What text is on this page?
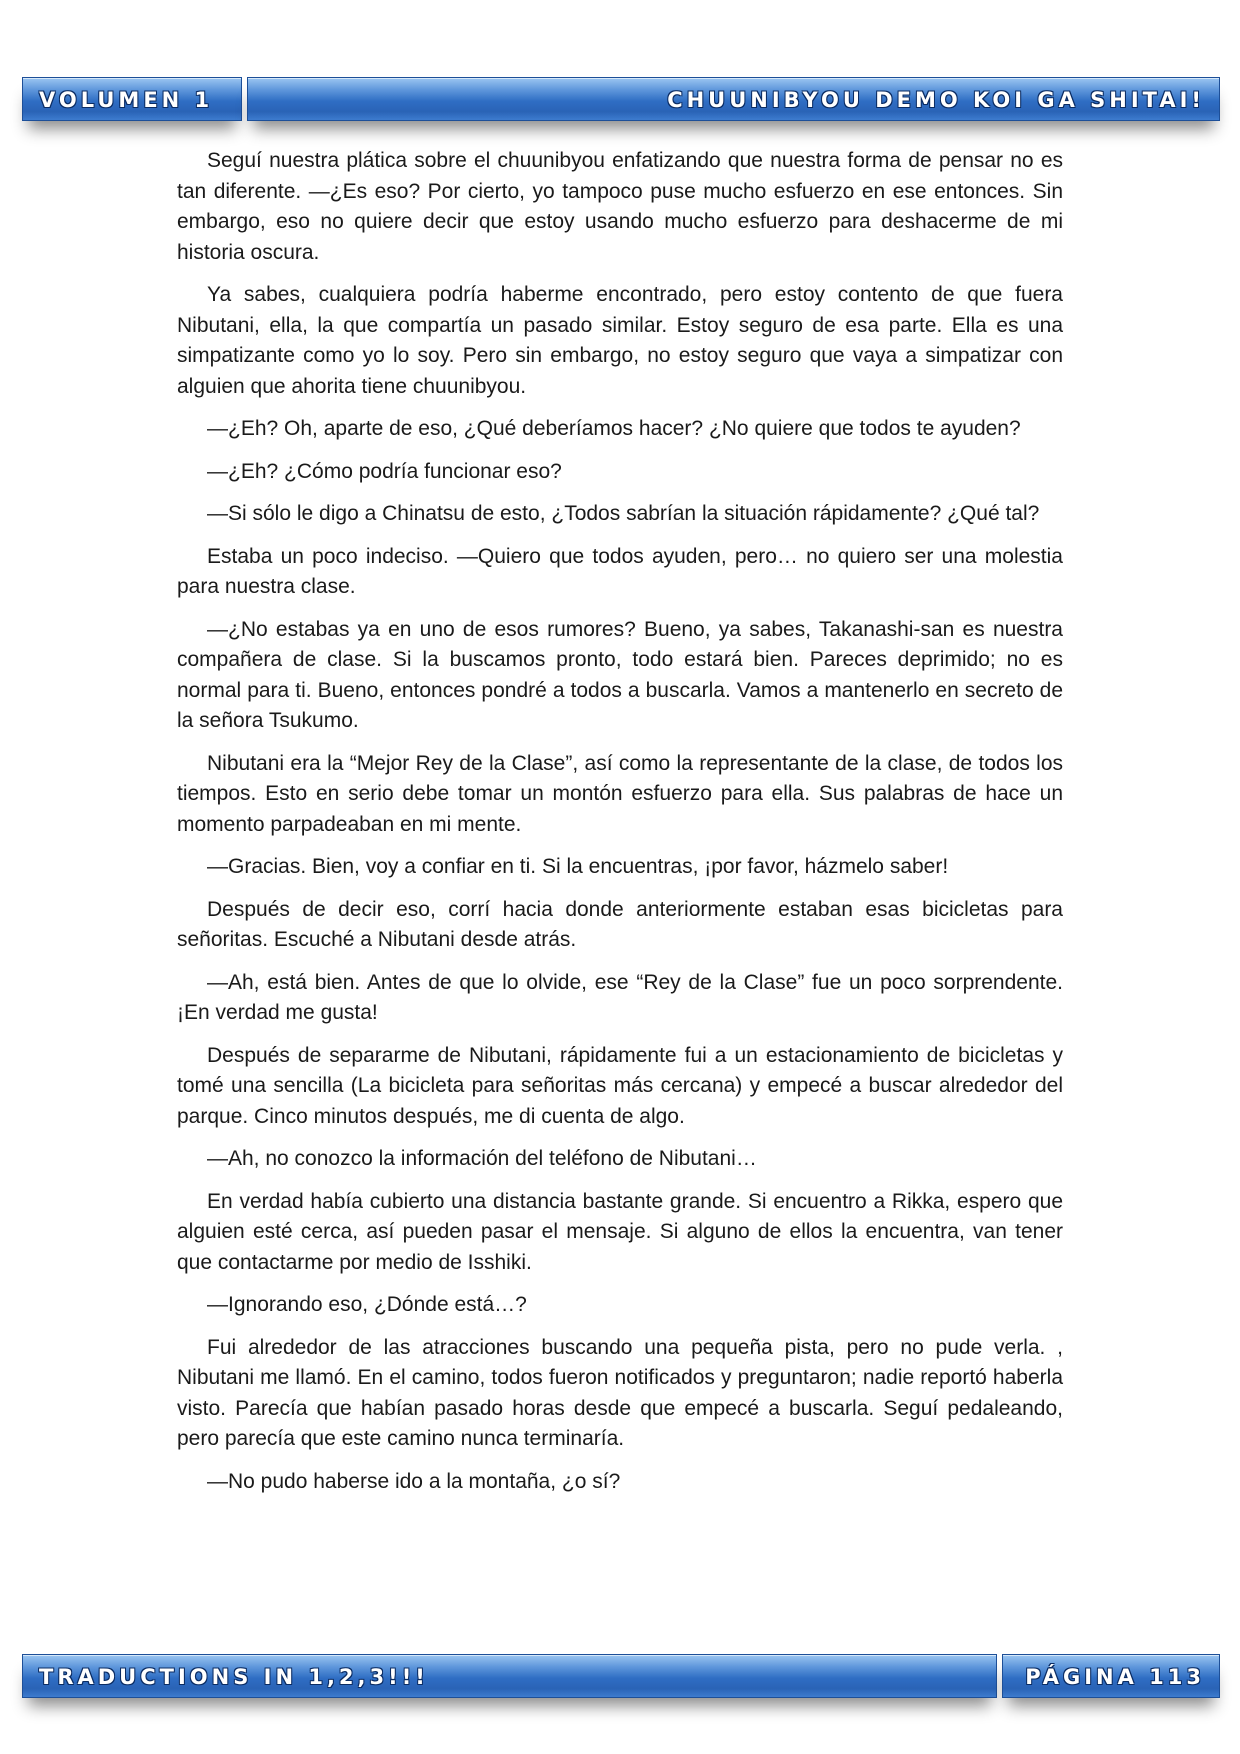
VOLUMEN 1	CHUUNIBYOU DEMO KOI GA SHITAI!

Seguí nuestra plática sobre el chuunibyou enfatizando que nuestra forma de pensar no es tan diferente. —¿Es eso? Por cierto, yo tampoco puse mucho esfuerzo en ese entonces. Sin embargo, eso no quiere decir que estoy usando mucho esfuerzo para deshacerme de mi historia oscura.

Ya sabes, cualquiera podría haberme encontrado, pero estoy contento de que fuera Nibutani, ella, la que compartía un pasado similar. Estoy seguro de esa parte. Ella es una simpatizante como yo lo soy. Pero sin embargo, no estoy seguro que vaya a simpatizar con alguien que ahorita tiene chuunibyou.

—¿Eh? Oh, aparte de eso, ¿Qué deberíamos hacer? ¿No quiere que todos te ayuden?

—¿Eh? ¿Cómo podría funcionar eso?

—Si sólo le digo a Chinatsu de esto, ¿Todos sabrían la situación rápidamente? ¿Qué tal?

Estaba un poco indeciso. —Quiero que todos ayuden, pero… no quiero ser una molestia para nuestra clase.

—¿No estabas ya en uno de esos rumores? Bueno, ya sabes, Takanashi-san es nuestra compañera de clase. Si la buscamos pronto, todo estará bien. Pareces deprimido; no es normal para ti. Bueno, entonces pondré a todos a buscarla. Vamos a mantenerlo en secreto de la señora Tsukumo.

Nibutani era la “Mejor Rey de la Clase”, así como la representante de la clase, de todos los tiempos. Esto en serio debe tomar un montón esfuerzo para ella. Sus palabras de hace un momento parpadeaban en mi mente.

—Gracias. Bien, voy a confiar en ti. Si la encuentras, ¡por favor, házmelo saber!

Después de decir eso, corrí hacia donde anteriormente estaban esas bicicletas para señoritas. Escuché a Nibutani desde atrás.

—Ah, está bien. Antes de que lo olvide, ese “Rey de la Clase” fue un poco sorprendente. ¡En verdad me gusta!

Después de separarme de Nibutani, rápidamente fui a un estacionamiento de bicicletas y tomé una sencilla (La bicicleta para señoritas más cercana) y empecé a buscar alrededor del parque. Cinco minutos después, me di cuenta de algo.

—Ah, no conozco la información del teléfono de Nibutani…

En verdad había cubierto una distancia bastante grande. Si encuentro a Rikka, espero que alguien esté cerca, así pueden pasar el mensaje. Si alguno de ellos la encuentra, van tener que contactarme por medio de Isshiki.

—Ignorando eso, ¿Dónde está…?

Fui alrededor de las atracciones buscando una pequeña pista, pero no pude verla. , Nibutani me llamó. En el camino, todos fueron notificados y preguntaron; nadie reportó haberla visto. Parecía que habían pasado horas desde que empecé a buscarla. Seguí pedaleando, pero parecía que este camino nunca terminaría.

—No pudo haberse ido a la montaña, ¿o sí?

TRADUCTIONS IN 1,2,3!!!	PÁGINA 113
